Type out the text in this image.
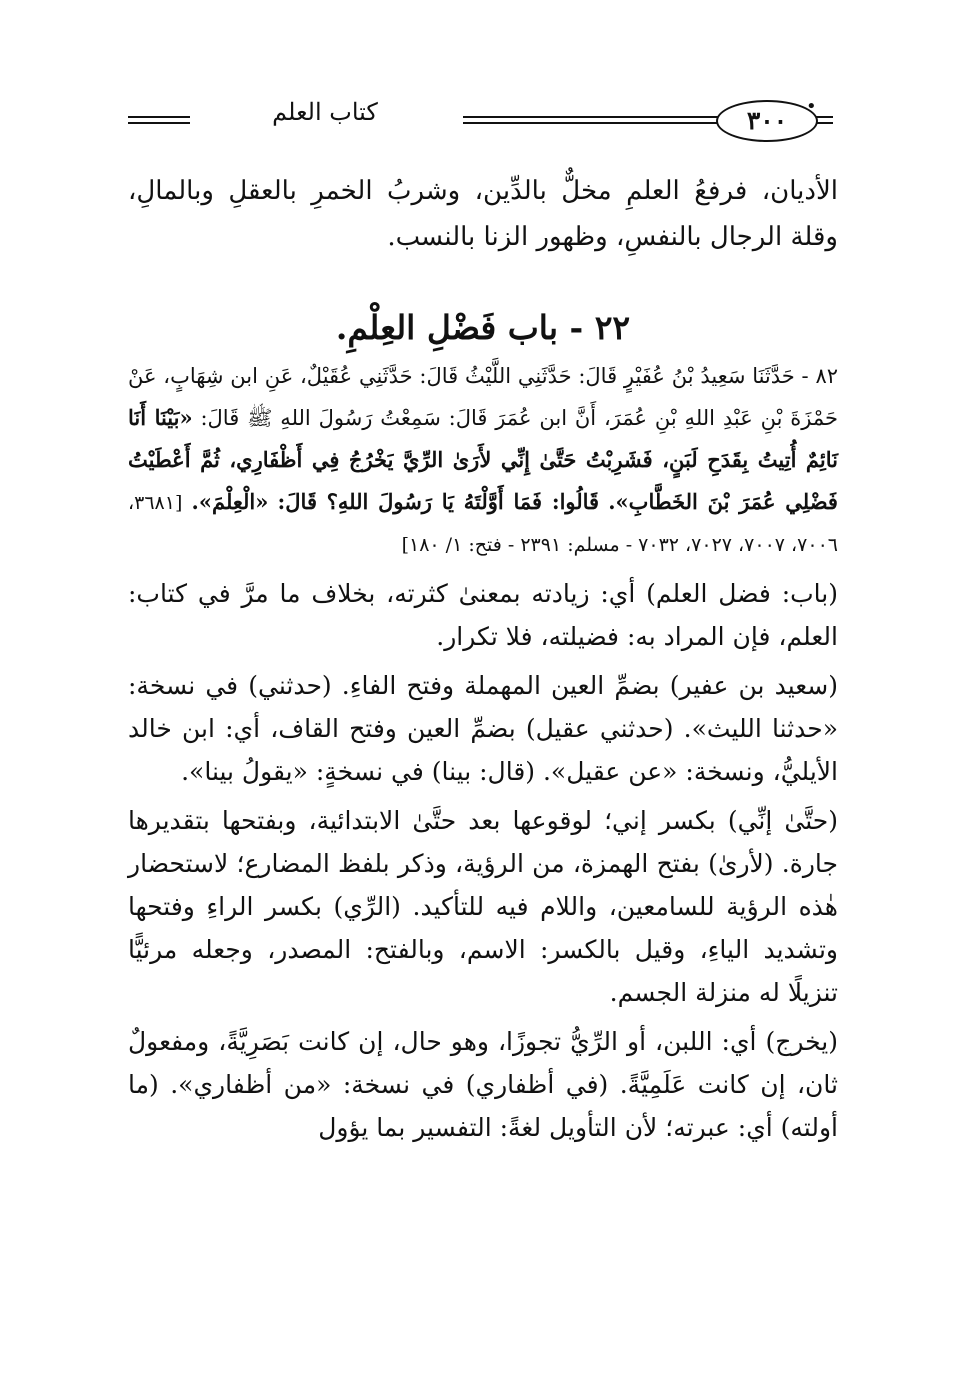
كتاب العلم	٣٠٠	•

الأديان، فرفعُ العلمِ مخلٌّ بالدِّين، وشربُ الخمرِ بالعقلِ وبالمالِ، وقلة الرجال بالنفسِ، وظهور الزنا بالنسب.

٢٢ - باب فَضْلِ العِلْمِ.

٨٢ - حَدَّثَنَا سَعِيدُ بْنُ عُفَيْرٍ قَالَ: حَدَّثَنِي اللَّيْثُ قَالَ: حَدَّثَنِي عُقَيْلٌ، عَنِ ابن شِهَابٍ، عَنْ حَمْزَةَ بْنِ عَبْدِ اللهِ بْنِ عُمَرَ، أَنَّ ابن عُمَرَ قَالَ: سَمِعْتُ رَسُولَ اللهِ ﷺ قَالَ: «بَيْنَا أَنَا نَائِمٌ أُتِيتُ بِقَدَحِ لَبَنٍ، فَشَرِبْتُ حَتَّىٰ إِنِّي لأَرَىٰ الرِّيَّ يَخْرُجُ فِي أَظْفَارِي، ثُمَّ أَعْطَيْتُ فَضْلِي عُمَرَ بْنَ الخَطَّابِ». قَالُوا: فَمَا أَوَّلْتَهُ يَا رَسُولَ اللهِ؟ قَالَ: «الْعِلْمَ». [٣٦٨١، ٧٠٠٦، ٧٠٠٧، ٧٠٢٧، ٧٠٣٢ - مسلم: ٢٣٩١ - فتح: ١/ ١٨٠]

(باب: فضل العلم) أي: زيادته بمعنىٰ كثرته، بخلاف ما مرَّ في كتاب: العلم، فإن المراد به: فضيلته، فلا تكرار.

(سعيد بن عفير) بضمِّ العين المهملة وفتح الفاءِ. (حدثني) في نسخة: «حدثنا الليث». (حدثني عقيل) بضمِّ العين وفتح القاف، أي: ابن خالد الأيليُّ، ونسخة: «عن عقيل». (قال: بينا) في نسخةٍ: «يقولُ بينا».

(حتَّىٰ إنِّي) بكسر إني؛ لوقوعها بعد حتَّىٰ الابتدائية، وبفتحها بتقديرها جارة. (لأرىٰ) بفتح الهمزة، من الرؤية، وذكر بلفظ المضارع؛ لاستحضار هٰذه الرؤية للسامعين، واللام فيه للتأكيد. (الرِّي) بكسر الراءِ وفتحها وتشديد الياءِ، وقيل بالكسر: الاسم، وبالفتح: المصدر، وجعله مرئيًّا تنزيلًا له منزلة الجسم.

(يخرج) أي: اللبن، أو الرِّيُّ تجوزًا، وهو حال، إن كانت بَصَرِيَّةً، ومفعولٌ ثان، إن كانت عَلَمِيَّةً. (في أظفاري) في نسخة: «من أظفاري». (ما أولته) أي: عبرته؛ لأن التأويل لغةً: التفسير بما يؤول
